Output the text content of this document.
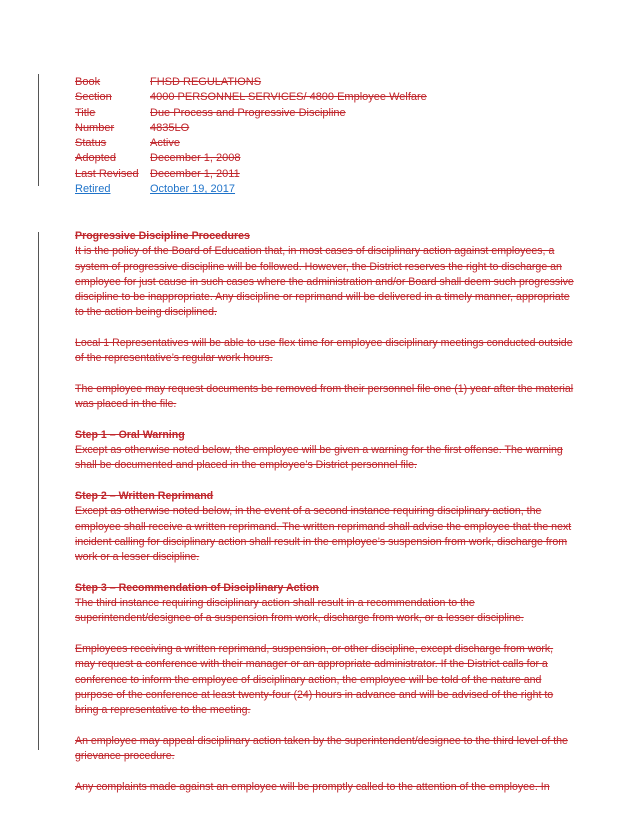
Book	FHSD REGULATIONS
Section	4000 PERSONNEL SERVICES/ 4800 Employee Welfare
Title	Due Process and Progressive Discipline
Number	4835LO
Status	Active
Adopted	December 1, 2008
Last Revised	December 1, 2011
Retired	October 19, 2017

Progressive Discipline Procedures
It is the policy of the Board of Education that, in most cases of disciplinary action against employees, a system of progressive discipline will be followed. However, the District reserves the right to discharge an employee for just cause in such cases where the administration and/or Board shall deem such progressive discipline to be inappropriate. Any discipline or reprimand will be delivered in a timely manner, appropriate to the action being disciplined.

Local 1 Representatives will be able to use flex time for employee disciplinary meetings conducted outside of the representative’s regular work hours.

The employee may request documents be removed from their personnel file one (1) year after the material was placed in the file.

Step 1 – Oral Warning
Except as otherwise noted below, the employee will be given a warning for the first offense. The warning shall be documented and placed in the employee’s District personnel file.

Step 2 – Written Reprimand
Except as otherwise noted below, in the event of a second instance requiring disciplinary action, the employee shall receive a written reprimand. The written reprimand shall advise the employee that the next incident calling for disciplinary action shall result in the employee’s suspension from work, discharge from work or a lesser discipline.

Step 3 – Recommendation of Disciplinary Action
The third instance requiring disciplinary action shall result in a recommendation to the superintendent/designee of a suspension from work, discharge from work, or a lesser discipline.

Employees receiving a written reprimand, suspension, or other discipline, except discharge from work, may request a conference with their manager or an appropriate administrator. If the District calls for a conference to inform the employee of disciplinary action, the employee will be told of the nature and purpose of the conference at least twenty-four (24) hours in advance and will be advised of the right to bring a representative to the meeting.

An employee may appeal disciplinary action taken by the superintendent/designee to the third level of the grievance procedure.

Any complaints made against an employee will be promptly called to the attention of the employee. In
